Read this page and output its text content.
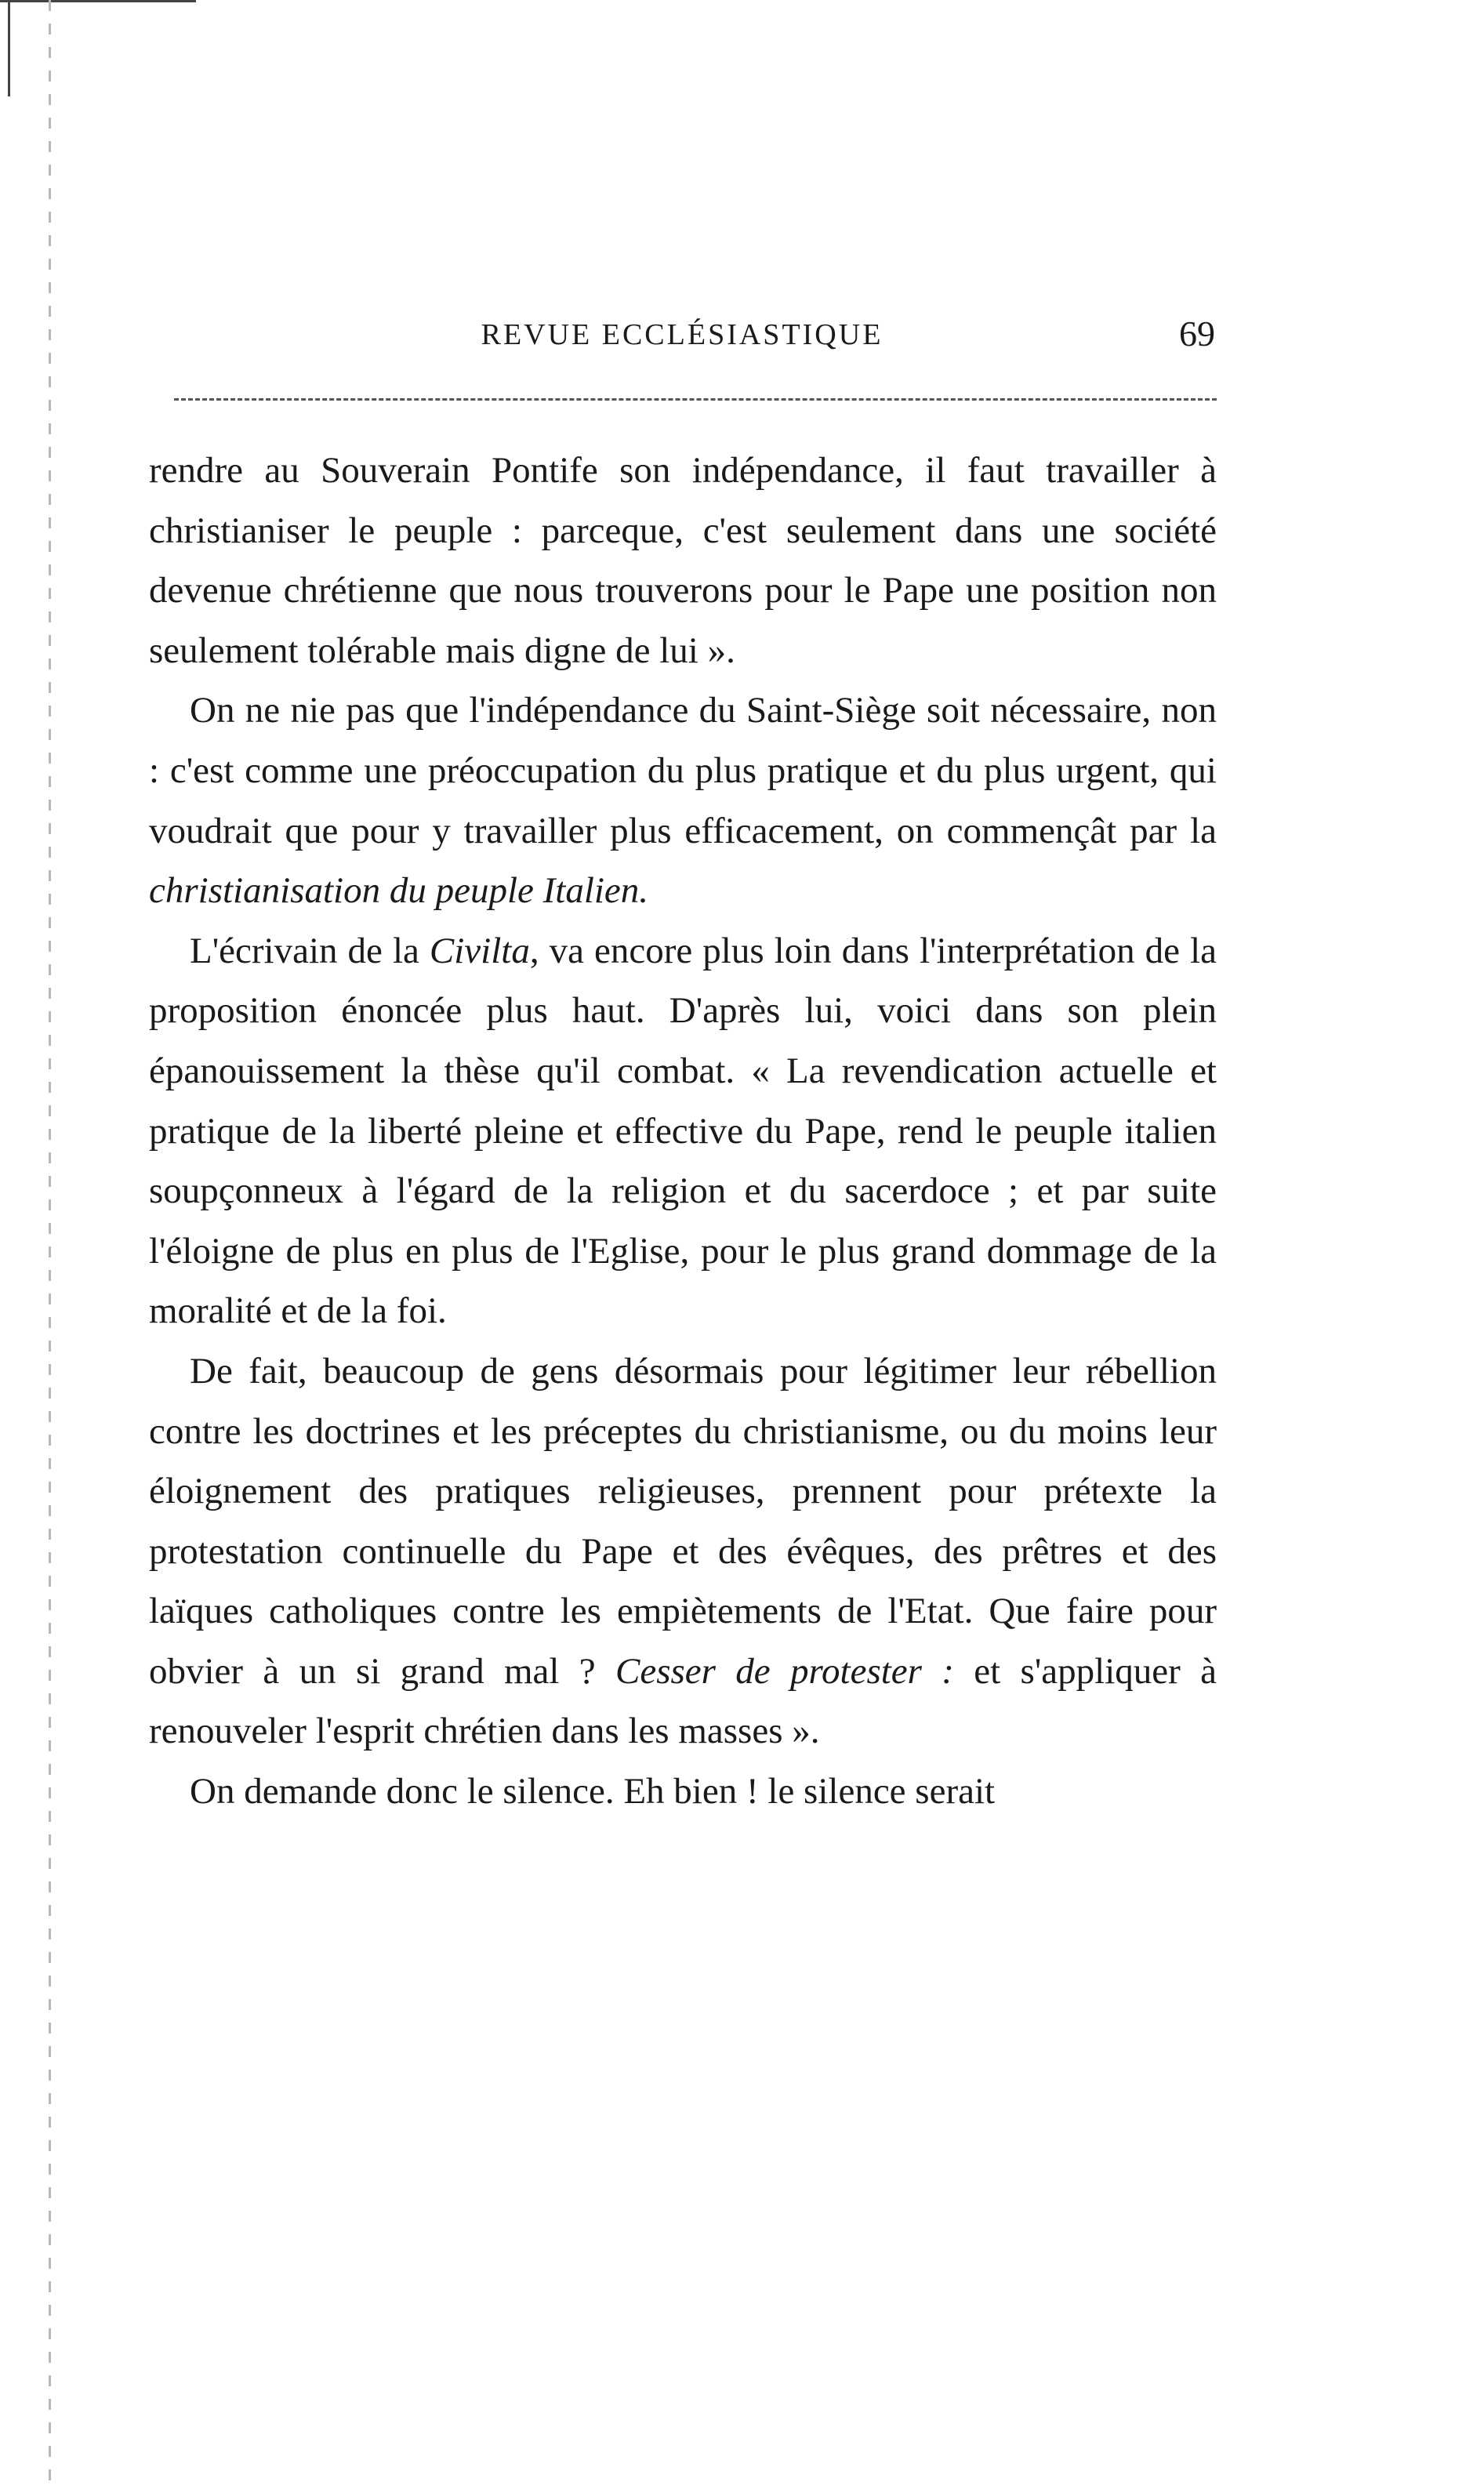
REVUE ECCLÉSIASTIQUE	69

rendre au Souverain Pontife son indépendance, il faut travailler à christianiser le peuple : parceque, c'est seulement dans une société devenue chrétienne que nous trouverons pour le Pape une position non seulement tolérable mais digne de lui ».

On ne nie pas que l'indépendance du Saint-Siège soit nécessaire, non : c'est comme une préoccupation du plus pratique et du plus urgent, qui voudrait que pour y travailler plus efficacement, on commençât par la christianisation du peuple Italien.

L'écrivain de la Civilta, va encore plus loin dans l'interprétation de la proposition énoncée plus haut. D'après lui, voici dans son plein épanouissement la thèse qu'il combat. « La revendication actuelle et pratique de la liberté pleine et effective du Pape, rend le peuple italien soupçonneux à l'égard de la religion et du sacerdoce ; et par suite l'éloigne de plus en plus de l'Eglise, pour le plus grand dommage de la moralité et de la foi.

De fait, beaucoup de gens désormais pour légitimer leur rébellion contre les doctrines et les préceptes du christianisme, ou du moins leur éloignement des pratiques religieuses, prennent pour prétexte la protestation continuelle du Pape et des évêques, des prêtres et des laïques catholiques contre les empiètements de l'Etat. Que faire pour obvier à un si grand mal ? Cesser de protester : et s'appliquer à renouveler l'esprit chrétien dans les masses ».

On demande donc le silence. Eh bien ! le silence serait
